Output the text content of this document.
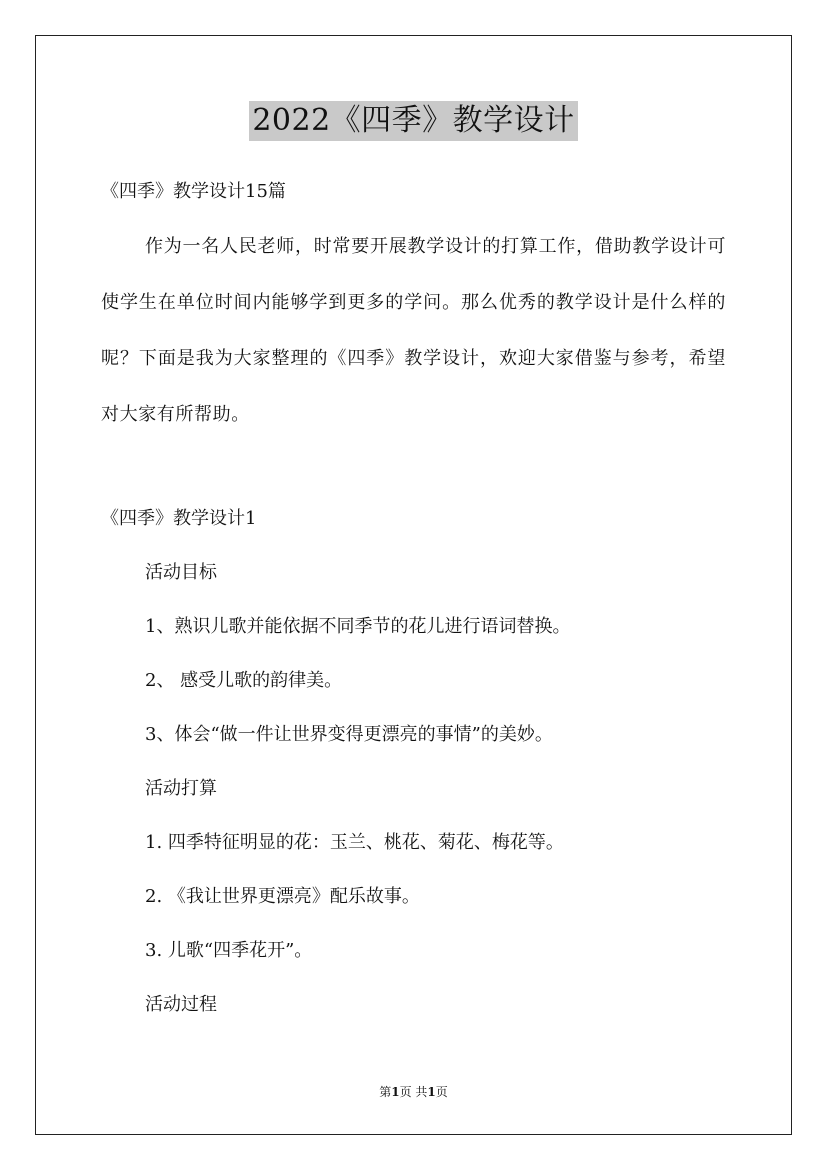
2022《四季》教学设计
《四季》教学设计15篇
作为一名人民老师，时常要开展教学设计的打算工作，借助教学设计可使学生在单位时间内能够学到更多的学问。那么优秀的教学设计是什么样的呢？下面是我为大家整理的《四季》教学设计，欢迎大家借鉴与参考，希望对大家有所帮助。
《四季》教学设计1
活动目标
1、熟识儿歌并能依据不同季节的花儿进行语词替换。
2、 感受儿歌的韵律美。
3、体会“做一件让世界变得更漂亮的事情”的美妙。
活动打算
1. 四季特征明显的花：玉兰、桃花、菊花、梅花等。
2. 《我让世界更漂亮》配乐故事。
3. 儿歌“四季花开”。
活动过程
第1页 共1页
